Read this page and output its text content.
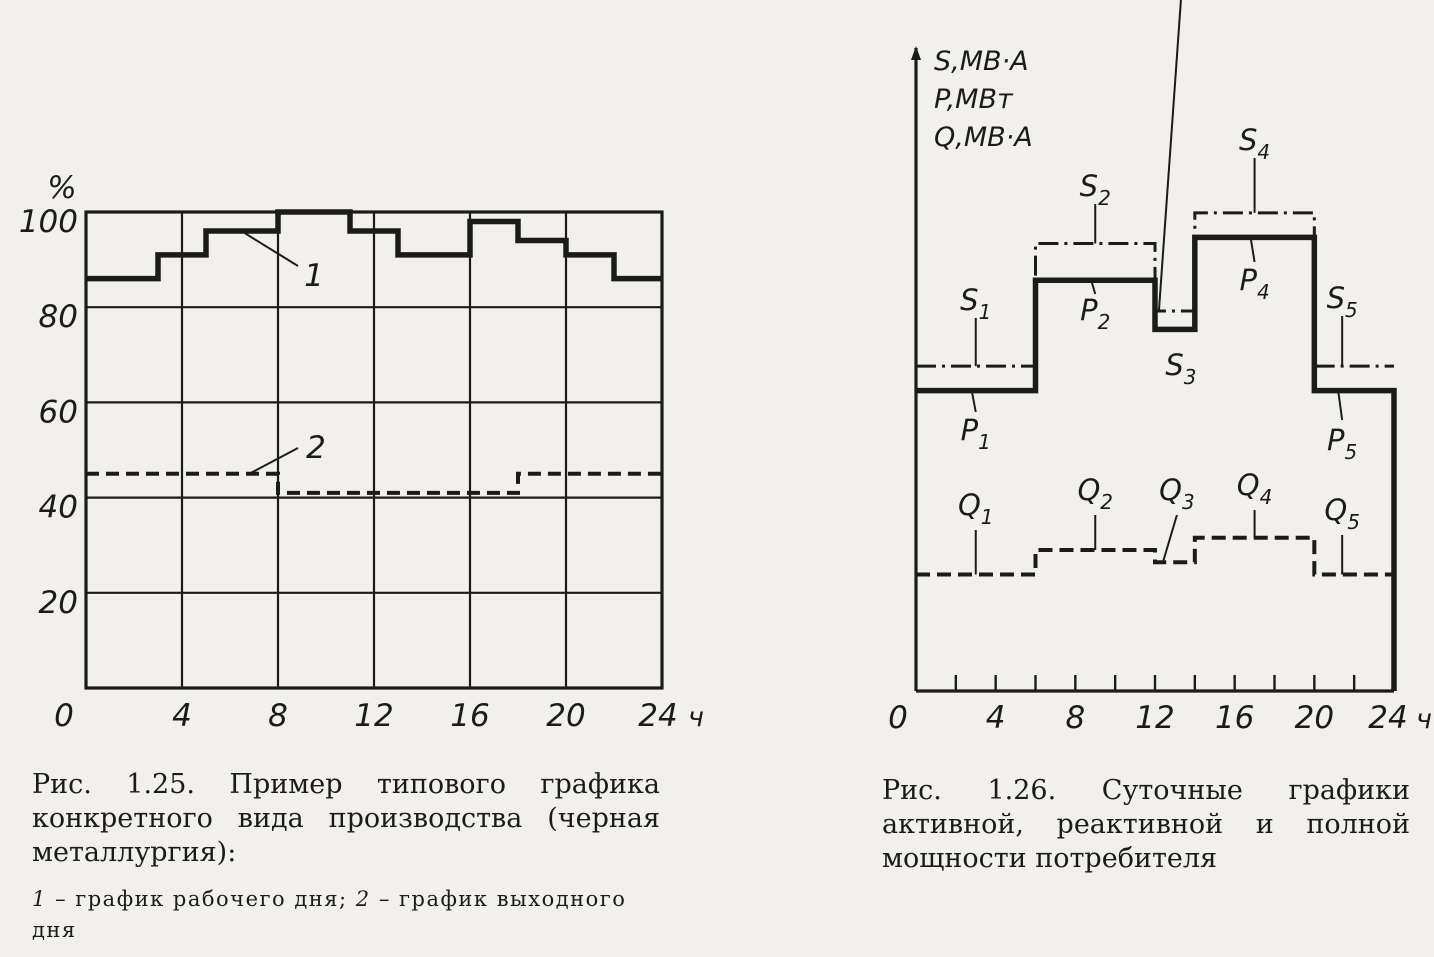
0	4 8 12 16 20 24 ч
20
40
60
80
100
%
1
2
0	4 8 12 16 20 24 ч
S,MB·A
P,MBт
Q,MB·A
$S_1$
$S_2$
$S_3$
$S_4$
$S_5$
$P_1$
$P_2$
$P_4$
$P_5$
$Q_1$
$Q_2$ $Q_3$ $Q_4$ $Q_5$

Рис. 1.25. Пример типового графика конкретного вида производства (черная металлургия):

1 – график рабочего дня; 2 – график выходного дня

Рис. 1.26. Суточные графики активной, реактивной и полной мощности потребителя
